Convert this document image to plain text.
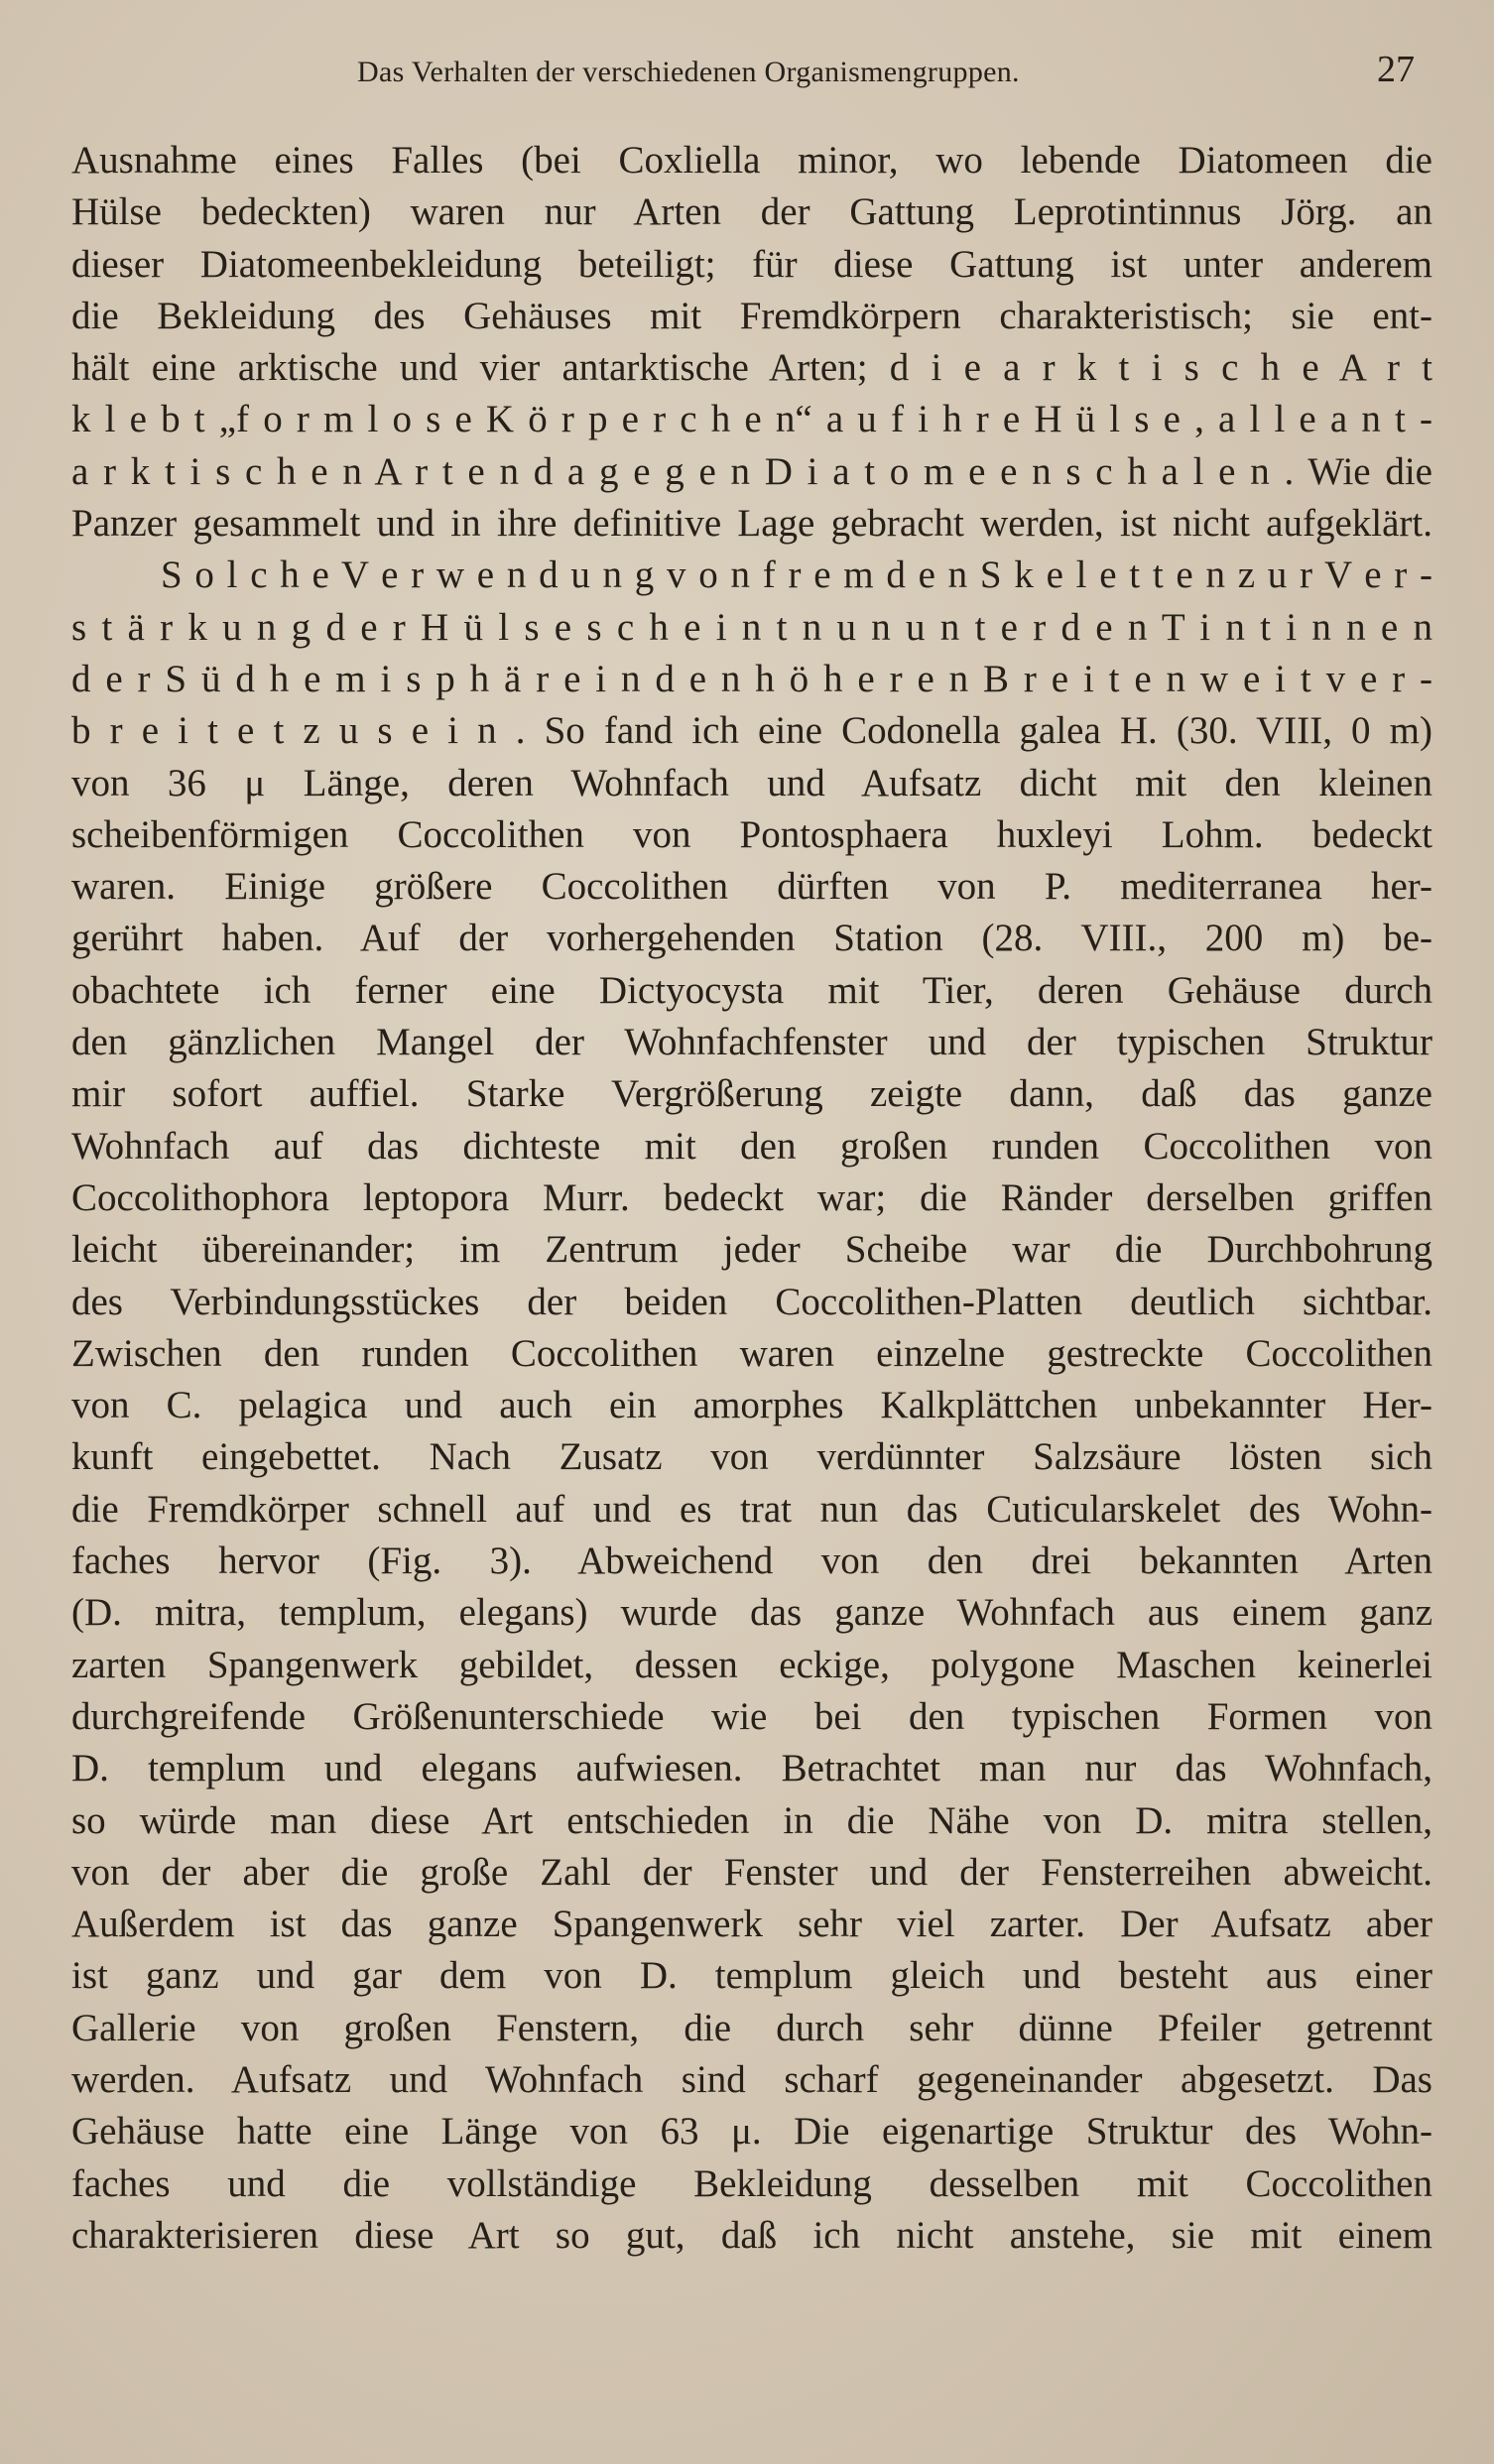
Das Verhalten der verschiedenen Organismengruppen.	27
Ausnahme eines Falles (bei Coxliella minor, wo lebende Diatomeen die
Hülse bedeckten) waren nur Arten der Gattung Leprotintinnus Jörg. an
dieser Diatomeenbekleidung beteiligt; für diese Gattung ist unter anderem
die Bekleidung des Gehäuses mit Fremdkörpern charakteristisch; sie ent-
hält eine arktische und vier antarktische Arten; d i e a r k t i s c h e A r t
k l e b t „f o r m l o s e K ö r p e r c h e n“ a u f i h r e H ü l s e , a l l e a n t -
a r k t i s c h e n A r t e n d a g e g e n D i a t o m e e n s c h a l e n . Wie die
Panzer gesammelt und in ihre definitive Lage gebracht werden, ist nicht aufgeklärt.
S o l c h e V e r w e n d u n g v o n f r e m d e n S k e l e t t e n z u r V e r -
s t ä r k u n g d e r H ü l s e s c h e i n t n u n u n t e r d e n T i n t i n n e n
d e r S ü d h e m i s p h ä r e i n d e n h ö h e r e n B r e i t e n w e i t v e r -
b r e i t e t z u s e i n . So fand ich eine Codonella galea H. (30. VIII, 0 m)
von 36 μ Länge, deren Wohnfach und Aufsatz dicht mit den kleinen
scheibenförmigen Coccolithen von Pontosphaera huxleyi Lohm. bedeckt
waren. Einige größere Coccolithen dürften von P. mediterranea her-
gerührt haben. Auf der vorhergehenden Station (28. VIII., 200 m) be-
obachtete ich ferner eine Dictyocysta mit Tier, deren Gehäuse durch
den gänzlichen Mangel der Wohnfachfenster und der typischen Struktur
mir sofort auffiel. Starke Vergrößerung zeigte dann, daß das ganze
Wohnfach auf das dichteste mit den großen runden Coccolithen von
Coccolithophora leptopora Murr. bedeckt war; die Ränder derselben griffen
leicht übereinander; im Zentrum jeder Scheibe war die Durchbohrung
des Verbindungsstückes der beiden Coccolithen-Platten deutlich sichtbar.
Zwischen den runden Coccolithen waren einzelne gestreckte Coccolithen
von C. pelagica und auch ein amorphes Kalkplättchen unbekannter Her-
kunft eingebettet. Nach Zusatz von verdünnter Salzsäure lösten sich
die Fremdkörper schnell auf und es trat nun das Cuticularskelet des Wohn-
faches hervor (Fig. 3). Abweichend von den drei bekannten Arten
(D. mitra, templum, elegans) wurde das ganze Wohnfach aus einem ganz
zarten Spangenwerk gebildet, dessen eckige, polygone Maschen keinerlei
durchgreifende Größenunterschiede wie bei den typischen Formen von
D. templum und elegans aufwiesen. Betrachtet man nur das Wohnfach,
so würde man diese Art entschieden in die Nähe von D. mitra stellen,
von der aber die große Zahl der Fenster und der Fensterreihen abweicht.
Außerdem ist das ganze Spangenwerk sehr viel zarter. Der Aufsatz aber
ist ganz und gar dem von D. templum gleich und besteht aus einer
Gallerie von großen Fenstern, die durch sehr dünne Pfeiler getrennt
werden. Aufsatz und Wohnfach sind scharf gegeneinander abgesetzt. Das
Gehäuse hatte eine Länge von 63 μ. Die eigenartige Struktur des Wohn-
faches und die vollständige Bekleidung desselben mit Coccolithen
charakterisieren diese Art so gut, daß ich nicht anstehe, sie mit einem
